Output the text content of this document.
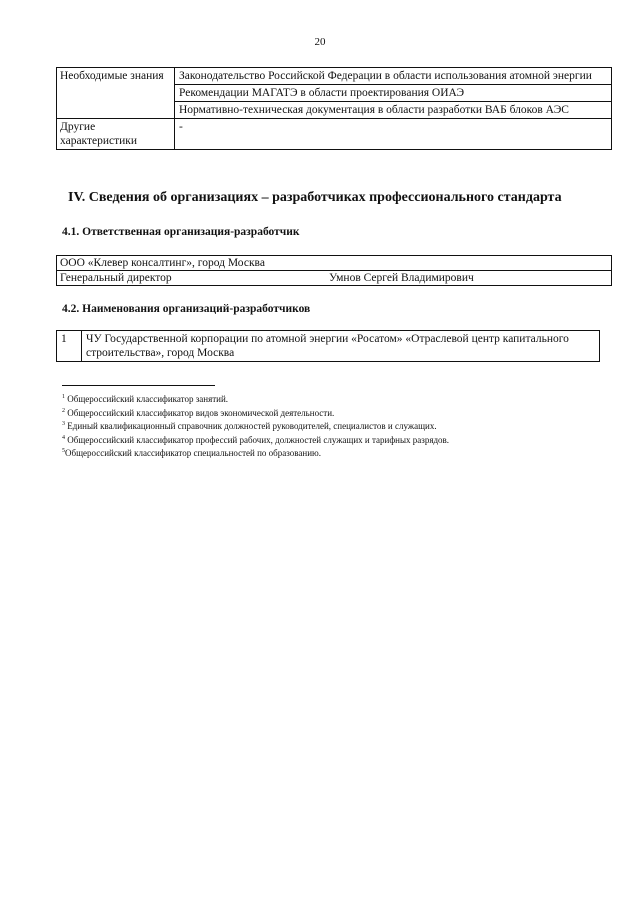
20
Необходимые знания	Законодательство Российской Федерации в области использования атомной энергии
	Рекомендации МАГАТЭ в области проектирования ОИАЭ
	Нормативно-техническая документация в области разработки ВАБ блоков АЭС
Другие характеристики	-
IV. Сведения об организациях – разработчиках профессионального стандарта
4.1. Ответственная организация-разработчик
ООО «Клевер консалтинг», город Москва
Генеральный директор	Умнов Сергей Владимирович
4.2. Наименования организаций-разработчиков
1	ЧУ Государственной корпорации по атомной энергии «Росатом» «Отраслевой центр капитального строительства», город Москва
$^1$ Общероссийский классификатор занятий.
$^2$ Общероссийский классификатор видов экономической деятельности.
$^3$ Единый квалификационный справочник должностей руководителей, специалистов и служащих.
$^4$ Общероссийский классификатор профессий рабочих, должностей служащих и тарифных разрядов.
$^5$Общероссийский классификатор специальностей по образованию.
